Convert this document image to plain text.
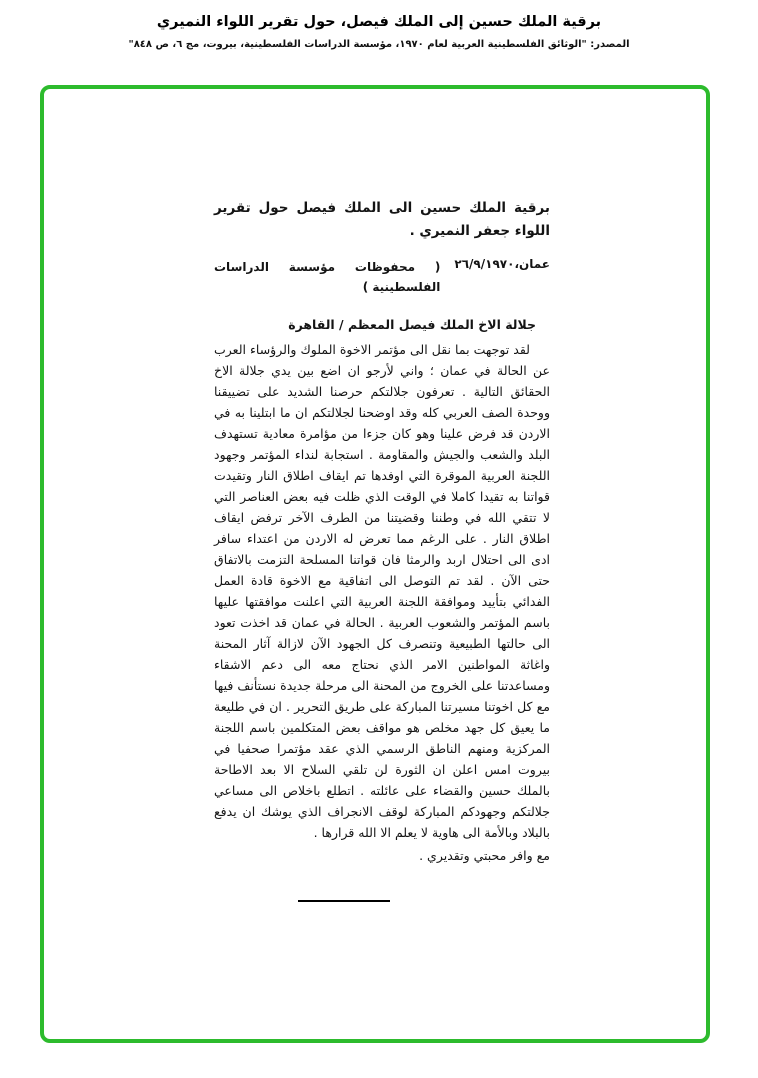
برقية الملك حسين إلى الملك فيصل، حول تقرير اللواء النميري
المصدر: "الوثائق الفلسطينية العربية لعام ١٩٧٠، مؤسسة الدراسات الفلسطينية، بيروت، مج ٦، ص ٨٤٨"
برقية الملك حسين الى الملك فيصل حول تقرير اللواء جعفر النميري .
عمان،٢٦/٩/١٩٧٠
( محفوظات مؤسسة الدراسات الفلسطينية )

جلالة الاخ الملك فيصل المعظم / القاهرة

لقد توجهت بما نقل الى مؤتمر الاخوة الملوك والرؤساء العرب عن الحالة في عمان ؛ واني لأرجو ان اضع بين يدي جلالة الاخ الحقائق التالية . تعرفون جلالتكم حرصنا الشديد على تضييقنا ووحدة الصف العربي كله وقد اوضحنا لجلالتكم ان ما ابتلينا به في الاردن قد فرض علينا وهو كان جزءا من مؤامرة معادية تستهدف البلد والشعب والجيش والمقاومة . استجابة لنداء المؤتمر وجهود اللجنة العربية الموقرة التي اوفدها تم ايقاف اطلاق النار وتقيدت قواتنا به تقيدا كاملا في الوقت الذي ظلت فيه بعض العناصر التي لا تتقي الله في وطننا وقضيتنا من الطرف الآخر ترفض ايقاف اطلاق النار . على الرغم مما تعرض له الاردن من اعتداء سافر ادى الى احتلال اربد والرمثا فان قواتنا المسلحة التزمت بالاتفاق حتى الآن . لقد تم التوصل الى اتفاقية مع الاخوة قادة العمل الفدائي بتأييد وموافقة اللجنة العربية التي اعلنت موافقتها عليها باسم المؤتمر والشعوب العربية . الحالة في عمان قد اخذت تعود الى حالتها الطبيعية وتنصرف كل الجهود الآن لازالة آثار المحنة واغاثة المواطنين الامر الذي نحتاج معه الى دعم الاشقاء ومساعدتنا على الخروج من المحنة الى مرحلة جديدة نستأنف فيها مع كل اخوتنا مسيرتنا المباركة على طريق التحرير . ان في طليعة ما يعيق كل جهد مخلص هو مواقف بعض المتكلمين باسم اللجنة المركزية ومنهم الناطق الرسمي الذي عقد مؤتمرا صحفيا في بيروت امس اعلن ان الثورة لن تلقي السلاح الا بعد الاطاحة بالملك حسين والقضاء على عائلته . اتطلع باخلاص الى مساعي جلالتكم وجهودكم المباركة لوقف الانجراف الذي يوشك ان يدفع بالبلاد وبالأمة الى هاوية لا يعلم الا الله قرارها .

مع وافر محبتي وتقديري .
